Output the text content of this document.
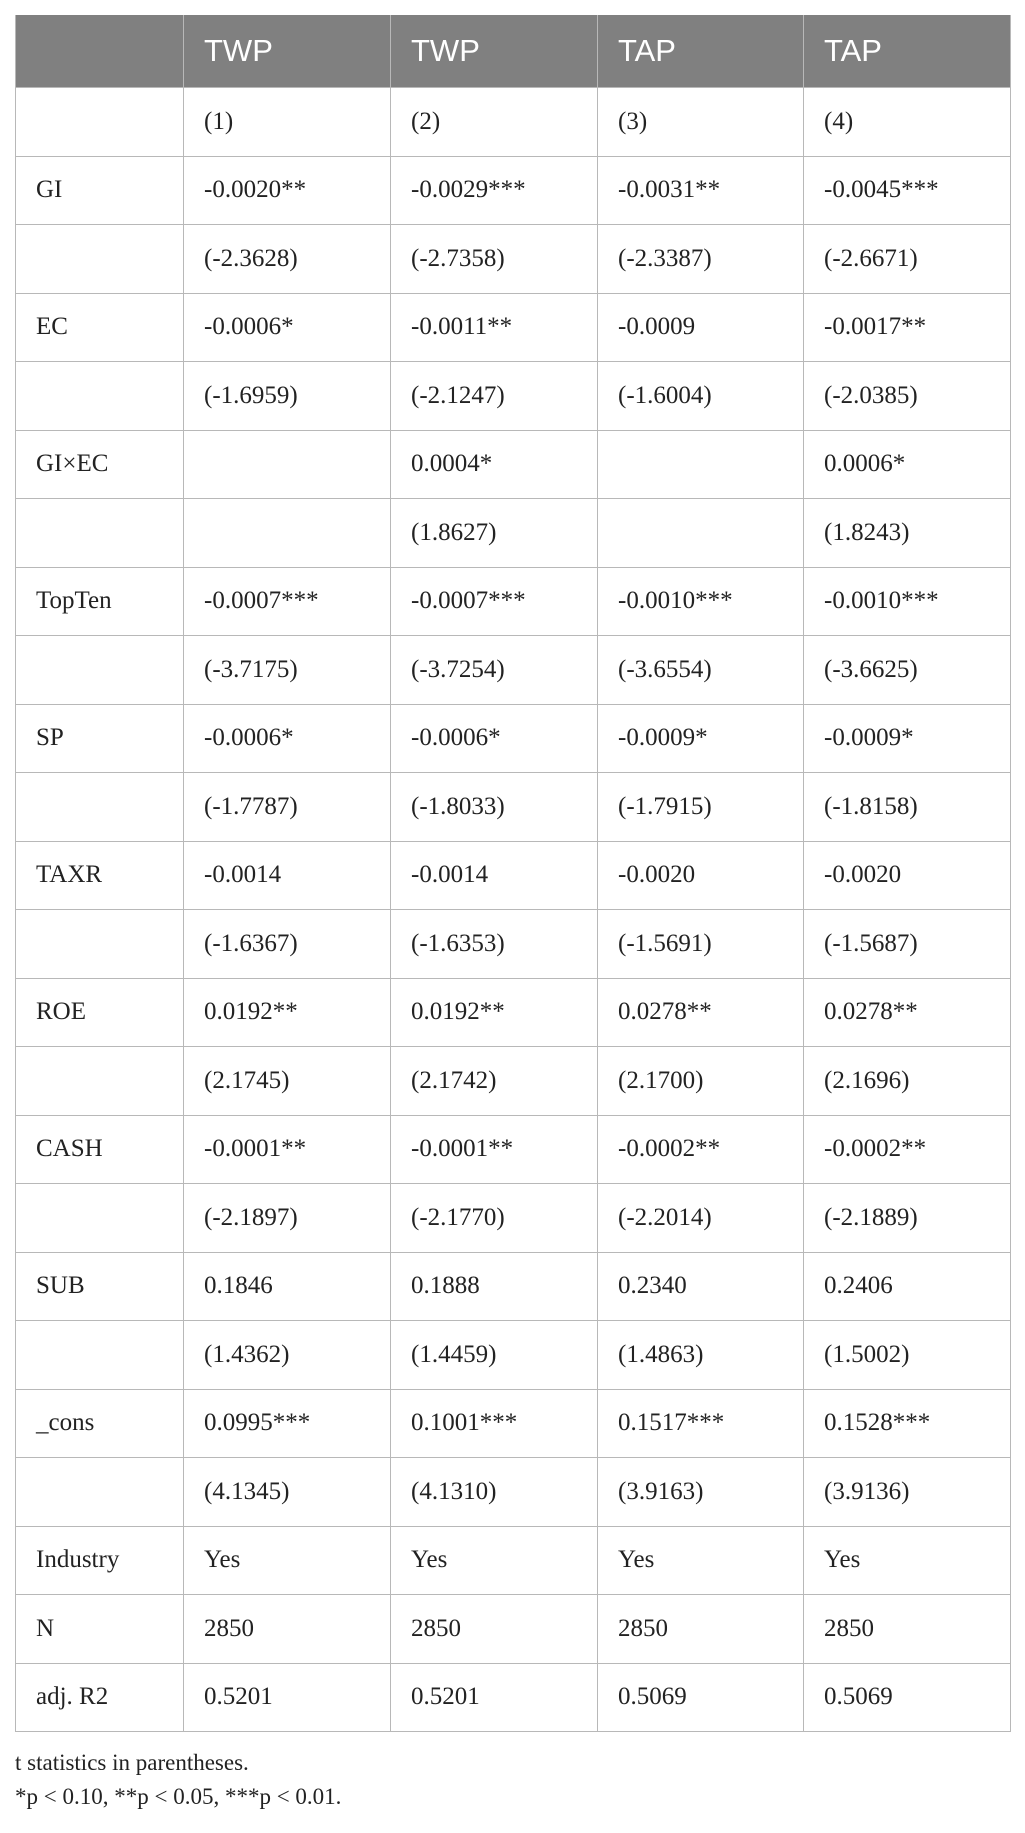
	TWP	TWP	TAP	TAP
	(1)	(2)	(3)	(4)
GI	-0.0020**	-0.0029***	-0.0031**	-0.0045***
	(-2.3628)	(-2.7358)	(-2.3387)	(-2.6671)
EC	-0.0006*	-0.0011**	-0.0009	-0.0017**
	(-1.6959)	(-2.1247)	(-1.6004)	(-2.0385)
GI×EC		0.0004*		0.0006*
		(1.8627)		(1.8243)
TopTen	-0.0007***	-0.0007***	-0.0010***	-0.0010***
	(-3.7175)	(-3.7254)	(-3.6554)	(-3.6625)
SP	-0.0006*	-0.0006*	-0.0009*	-0.0009*
	(-1.7787)	(-1.8033)	(-1.7915)	(-1.8158)
TAXR	-0.0014	-0.0014	-0.0020	-0.0020
	(-1.6367)	(-1.6353)	(-1.5691)	(-1.5687)
ROE	0.0192**	0.0192**	0.0278**	0.0278**
	(2.1745)	(2.1742)	(2.1700)	(2.1696)
CASH	-0.0001**	-0.0001**	-0.0002**	-0.0002**
	(-2.1897)	(-2.1770)	(-2.2014)	(-2.1889)
SUB	0.1846	0.1888	0.2340	0.2406
	(1.4362)	(1.4459)	(1.4863)	(1.5002)
_cons	0.0995***	0.1001***	0.1517***	0.1528***
	(4.1345)	(4.1310)	(3.9163)	(3.9136)
Industry	Yes	Yes	Yes	Yes
N	2850	2850	2850	2850
adj. R2	0.5201	0.5201	0.5069	0.5069
t statistics in parentheses.
*p < 0.10, **p < 0.05, ***p < 0.01.
